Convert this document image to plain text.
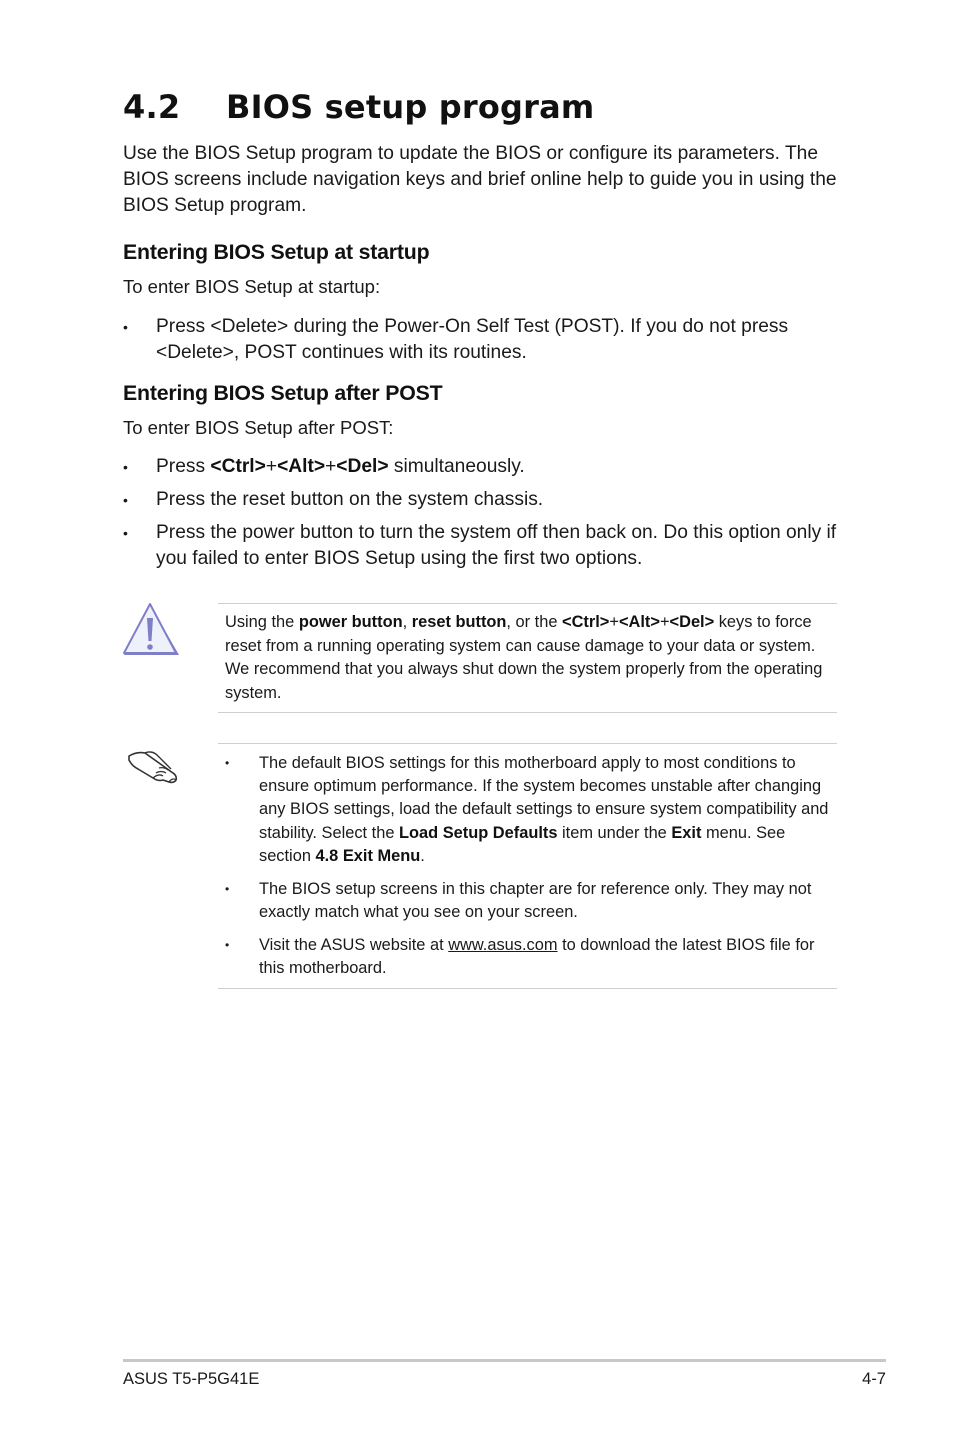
4.2 BIOS setup program

Use the BIOS Setup program to update the BIOS or configure its parameters. The BIOS screens include navigation keys and brief online help to guide you in using the BIOS Setup program.

Entering BIOS Setup at startup

To enter BIOS Setup at startup:

• Press <Delete> during the Power-On Self Test (POST). If you do not press <Delete>, POST continues with its routines.
Entering BIOS Setup after POST

To enter BIOS Setup after POST:

• Press <Ctrl>+<Alt>+<Del> simultaneously.
• Press the reset button on the system chassis.
• Press the power button to turn the system off then back on. Do this option only if you failed to enter BIOS Setup using the first two options.

Using the power button, reset button, or the <Ctrl>+<Alt>+<Del> keys to force reset from a running operating system can cause damage to your data or system. We recommend that you always shut down the system properly from the operating system.

• The default BIOS settings for this motherboard apply to most conditions to ensure optimum performance. If the system becomes unstable after changing any BIOS settings, load the default settings to ensure system compatibility and stability. Select the Load Setup Defaults item under the Exit menu. See section 4.8 Exit Menu.
• The BIOS setup screens in this chapter are for reference only. They may not exactly match what you see on your screen.
• Visit the ASUS website at www.asus.com to download the latest BIOS file for this motherboard.

ASUS T5-P5G41E	4-7
